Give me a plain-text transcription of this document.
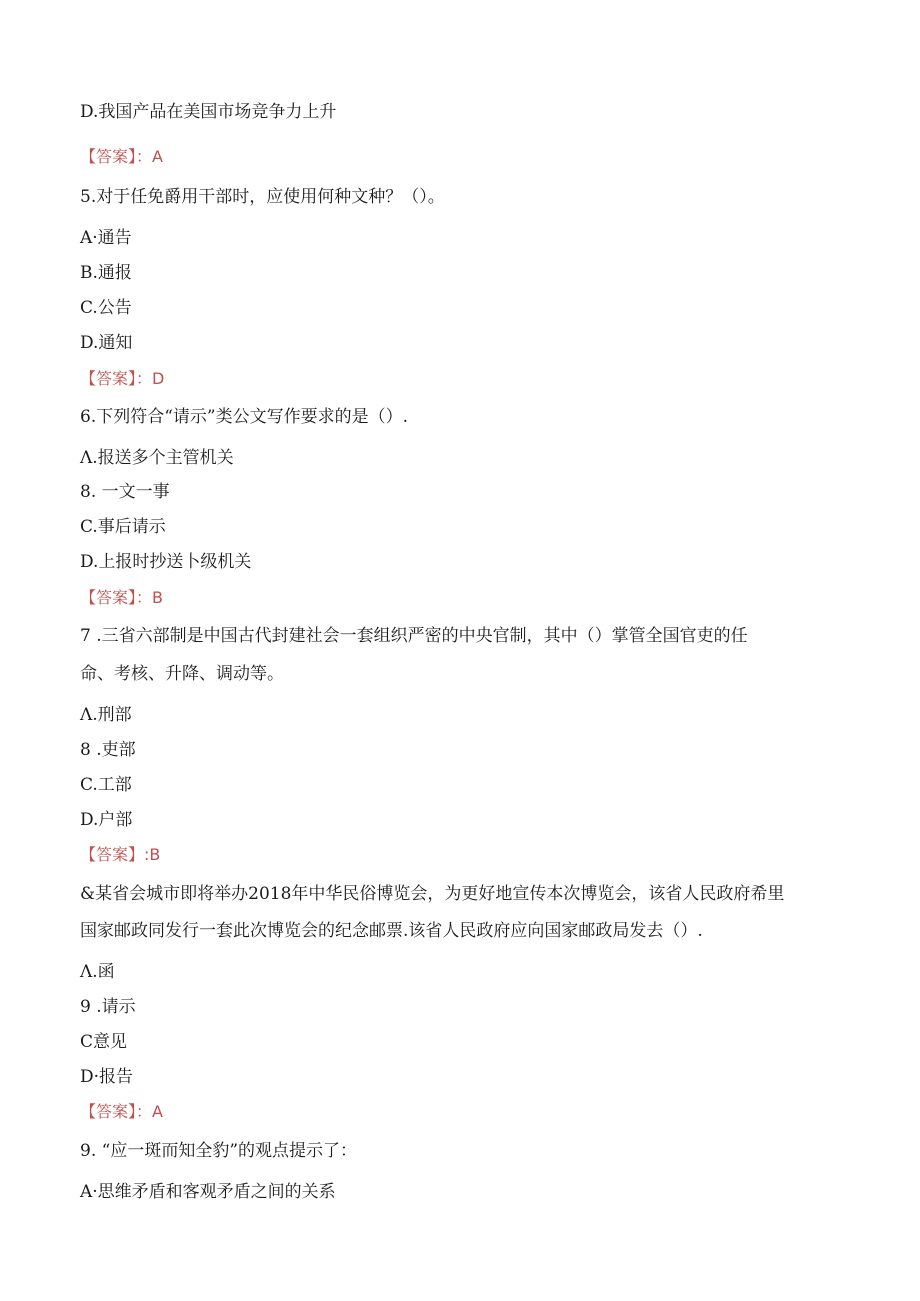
D.我国产品在美国市场竞争力上升
【答案】：A
5.对于任免爵用干部时，应使用何种文种？（）。
A·通告
B.通报
C.公告
D.通知
【答案】：D
6.下列符合“请示”类公文写作要求的是（）.
Λ.报送多个主管机关
8. 一文一事
C.事后请示
D.上报时抄送卜级机关
【答案】：B
7 .三省六部制是中国古代封建社会一套组织严密的中央官制，其中（）掌管全国官吏的任
命、考核、升降、调动等。
Λ.刑部
8 .吏部
C.工部
D.户部
【答案】:B
&某省会城市即将举办2018年中华民俗博览会，为更好地宣传本次博览会，该省人民政府希里
国家邮政同发行一套此次博览会的纪念邮票.该省人民政府应向国家邮政局发去（）.
Λ.函
9 .请示
C意见
D·报告
【答案】：A
9. “应一斑而知全豹”的观点提示了：
A·思维矛盾和客观矛盾之间的关系
